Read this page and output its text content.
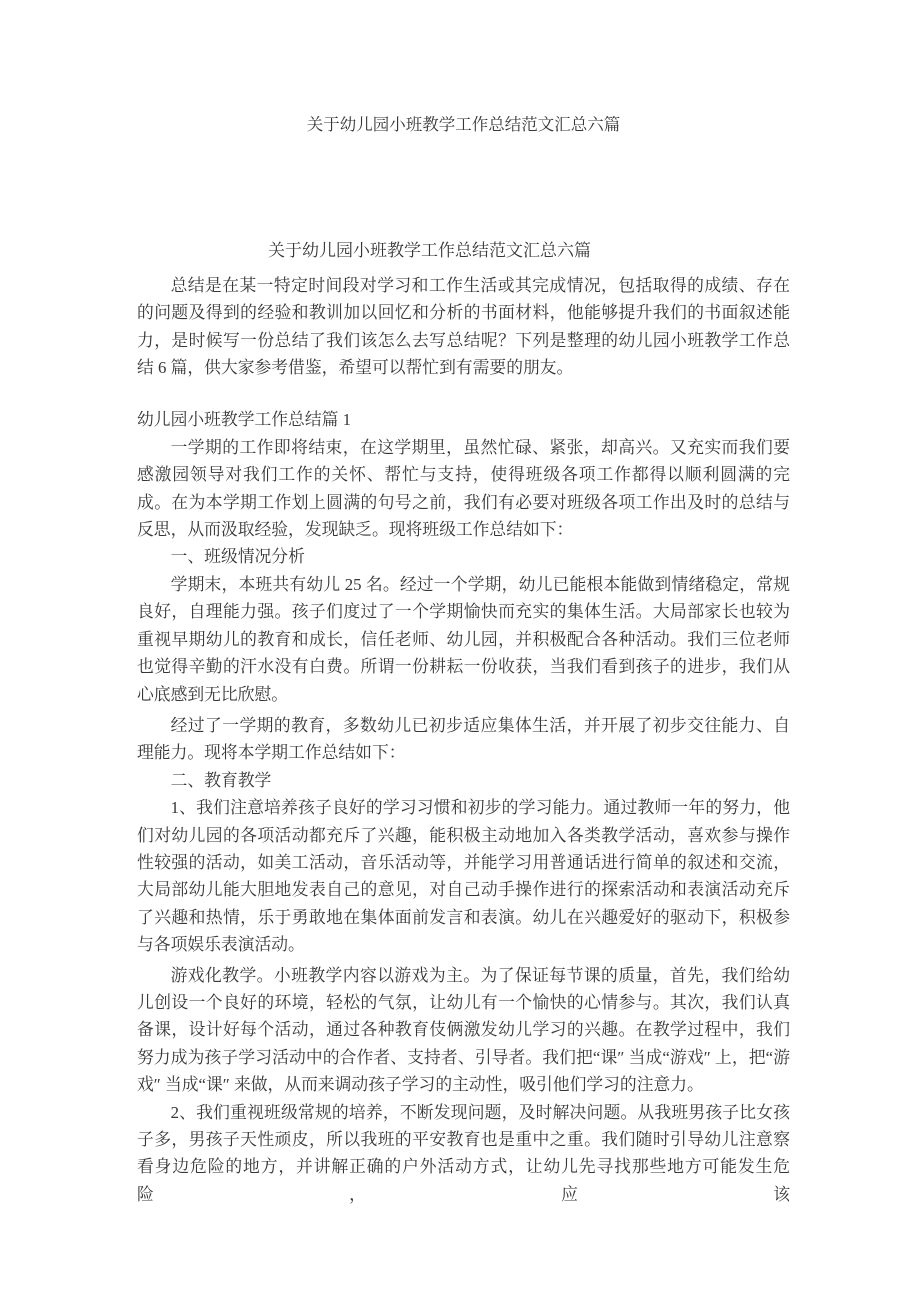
关于幼儿园小班教学工作总结范文汇总六篇
关于幼儿园小班教学工作总结范文汇总六篇

总结是在某一特定时间段对学习和工作生活或其完成情况，包括取得的成绩、存在的问题及得到的经验和教训加以回忆和分析的书面材料，他能够提升我们的书面叙述能力，是时候写一份总结了我们该怎么去写总结呢？下列是整理的幼儿园小班教学工作总结 6 篇，供大家参考借鉴，希望可以帮忙到有需要的朋友。

幼儿园小班教学工作总结篇 1

一学期的工作即将结束，在这学期里，虽然忙碌、紧张，却高兴。又充实而我们要感激园领导对我们工作的关怀、帮忙与支持，使得班级各项工作都得以顺利圆满的完成。在为本学期工作划上圆满的句号之前，我们有必要对班级各项工作出及时的总结与反思，从而汲取经验，发现缺乏。现将班级工作总结如下：

一、班级情况分析

学期末，本班共有幼儿 25 名。经过一个学期，幼儿已能根本能做到情绪稳定，常规良好，自理能力强。孩子们度过了一个学期愉快而充实的集体生活。大局部家长也较为重视早期幼儿的教育和成长，信任老师、幼儿园，并积极配合各种活动。我们三位老师也觉得辛勤的汗水没有白费。所谓一份耕耘一份收获，当我们看到孩子的进步，我们从心底感到无比欣慰。

经过了一学期的教育，多数幼儿已初步适应集体生活，并开展了初步交往能力、自理能力。现将本学期工作总结如下：

二、教育教学

1、我们注意培养孩子良好的学习习惯和初步的学习能力。通过教师一年的努力，他们对幼儿园的各项活动都充斥了兴趣，能积极主动地加入各类教学活动，喜欢参与操作性较强的活动，如美工活动，音乐活动等，并能学习用普通话进行简单的叙述和交流，大局部幼儿能大胆地发表自己的意见，对自己动手操作进行的探索活动和表演活动充斥了兴趣和热情，乐于勇敢地在集体面前发言和表演。幼儿在兴趣爱好的驱动下，积极参与各项娱乐表演活动。

游戏化教学。小班教学内容以游戏为主。为了保证每节课的质量，首先，我们给幼儿创设一个良好的环境，轻松的气氛，让幼儿有一个愉快的心情参与。其次，我们认真备课，设计好每个活动，通过各种教育伎俩激发幼儿学习的兴趣。在教学过程中，我们努力成为孩子学习活动中的合作者、支持者、引导者。我们把“课″ 当成“游戏″ 上，把“游戏″ 当成“课″ 来做，从而来调动孩子学习的主动性，吸引他们学习的注意力。

2、我们重视班级常规的培养，不断发现问题，及时解决问题。从我班男孩子比女孩子多，男孩子天性顽皮，所以我班的平安教育也是重中之重。我们随时引导幼儿注意察看身边危险的地方，并讲解正确的户外活动方式，让幼儿先寻找那些地方可能发生危险，应该
